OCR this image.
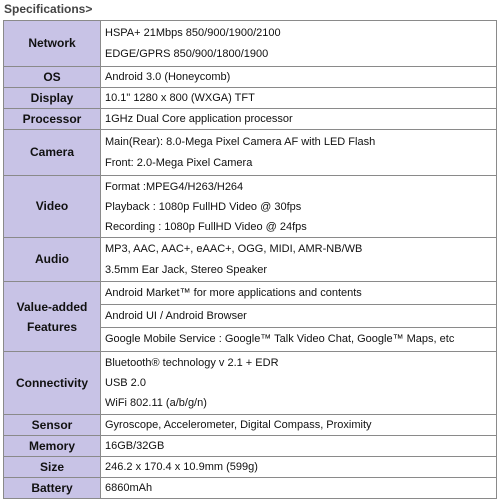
Specifications>
Network	HSPA+ 21Mbps 850/900/1900/2100
EDGE/GPRS 850/900/1800/1900

OS	Android 3.0 (Honeycomb)

Display	10.1" 1280 x 800 (WXGA) TFT

Processor	1GHz Dual Core application processor

Camera	Main(Rear): 8.0-Mega Pixel Camera AF with LED Flash
Front: 2.0-Mega Pixel Camera

Video	Format :MPEG4/H263/H264
Playback : 1080p FullHD Video @ 30fps
Recording : 1080p FullHD Video @ 24fps

Audio	MP3, AAC, AAC+, eAAC+, OGG, MIDI, AMR-NB/WB
3.5mm Ear Jack, Stereo Speaker

Value-added
Features	Android Market™ for more applications and contents
Android UI / Android Browser
Google Mobile Service : Google™ Talk Video Chat, Google™ Maps, etc

Connectivity	Bluetooth® technology v 2.1 + EDR
USB 2.0
WiFi 802.11 (a/b/g/n)

Sensor	Gyroscope, Accelerometer, Digital Compass, Proximity

Memory	16GB/32GB

Size	246.2 x 170.4 x 10.9mm (599g)

Battery	6860mAh
